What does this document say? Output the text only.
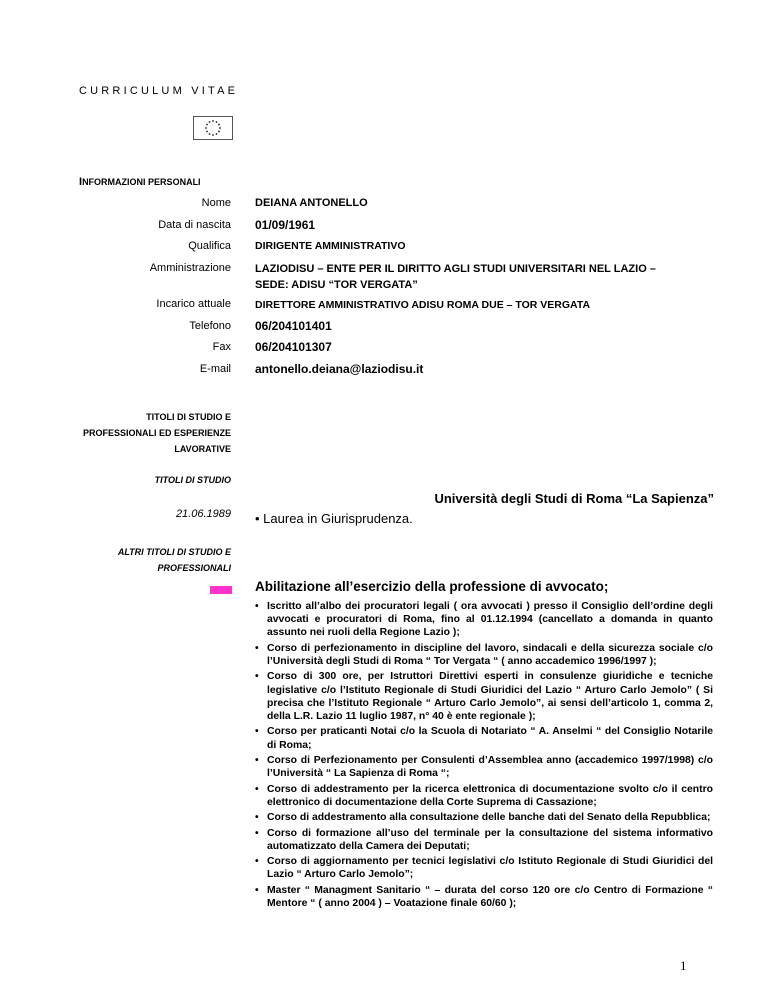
CURRICULUM VITAE
INFORMAZIONI PERSONALI
Nome DEIANA ANTONELLO
Data di nascita 01/09/1961
Qualifica DIRIGENTE AMMINISTRATIVO
Amministrazione LAZIODISU – ENTE PER IL DIRITTO AGLI STUDI UNIVERSITARI NEL LAZIO – SEDE: ADISU “TOR VERGATA”
Incarico attuale DIRETTORE AMMINISTRATIVO ADISU ROMA DUE – TOR VERGATA
Telefono 06/204101401
Fax 06/204101307
E-mail antonello.deiana@laziodisu.it
TITOLI DI STUDIO E
PROFESSIONALI ED ESPERIENZE
LAVORATIVE
TITOLI DI STUDIO
Università degli Studi di Roma “La Sapienza”
21.06.1989 • Laurea in Giurisprudenza.
ALTRI TITOLI DI STUDIO E
PROFESSIONALI
Abilitazione all’esercizio della professione di avvocato;
• Iscritto all’albo dei procuratori legali ( ora avvocati ) presso il Consiglio dell’ordine degli avvocati e procuratori di Roma, fino al 01.12.1994 (cancellato a domanda in quanto assunto nei ruoli della Regione Lazio );
• Corso di perfezionamento in discipline del lavoro, sindacali e della sicurezza sociale c/o l’Università degli Studi di Roma “ Tor Vergata “ ( anno accademico 1996/1997 );
• Corso di 300 ore, per Istruttori Direttivi esperti in consulenze giuridiche e tecniche legislative c/o l’Istituto Regionale di Studi Giuridici del Lazio “ Arturo Carlo Jemolo” ( Si precisa che l’Istituto Regionale “ Arturo Carlo Jemolo”, ai sensi dell’articolo 1, comma 2, della L.R. Lazio 11 luglio 1987, n° 40 è ente regionale );
• Corso per praticanti Notai c/o la Scuola di Notariato “ A. Anselmi “ del Consiglio Notarile di Roma;
• Corso di Perfezionamento per Consulenti d’Assemblea anno (accademico 1997/1998) c/o l’Università “ La Sapienza di Roma “;
• Corso di addestramento per la ricerca elettronica di documentazione svolto c/o il centro elettronico di documentazione della Corte Suprema di Cassazione;
• Corso di addestramento alla consultazione delle banche dati del Senato della Repubblica;
• Corso di formazione all’uso del terminale per la consultazione del sistema informativo automatizzato della Camera dei Deputati;
• Corso di aggiornamento per tecnici legislativi c/o Istituto Regionale di Studi Giuridici del Lazio “ Arturo Carlo Jemolo”;
• Master “ Managment Sanitario “ – durata del corso 120 ore c/o Centro di Formazione “ Mentore “ ( anno 2004 ) – Voatazione finale 60/60 );
1
